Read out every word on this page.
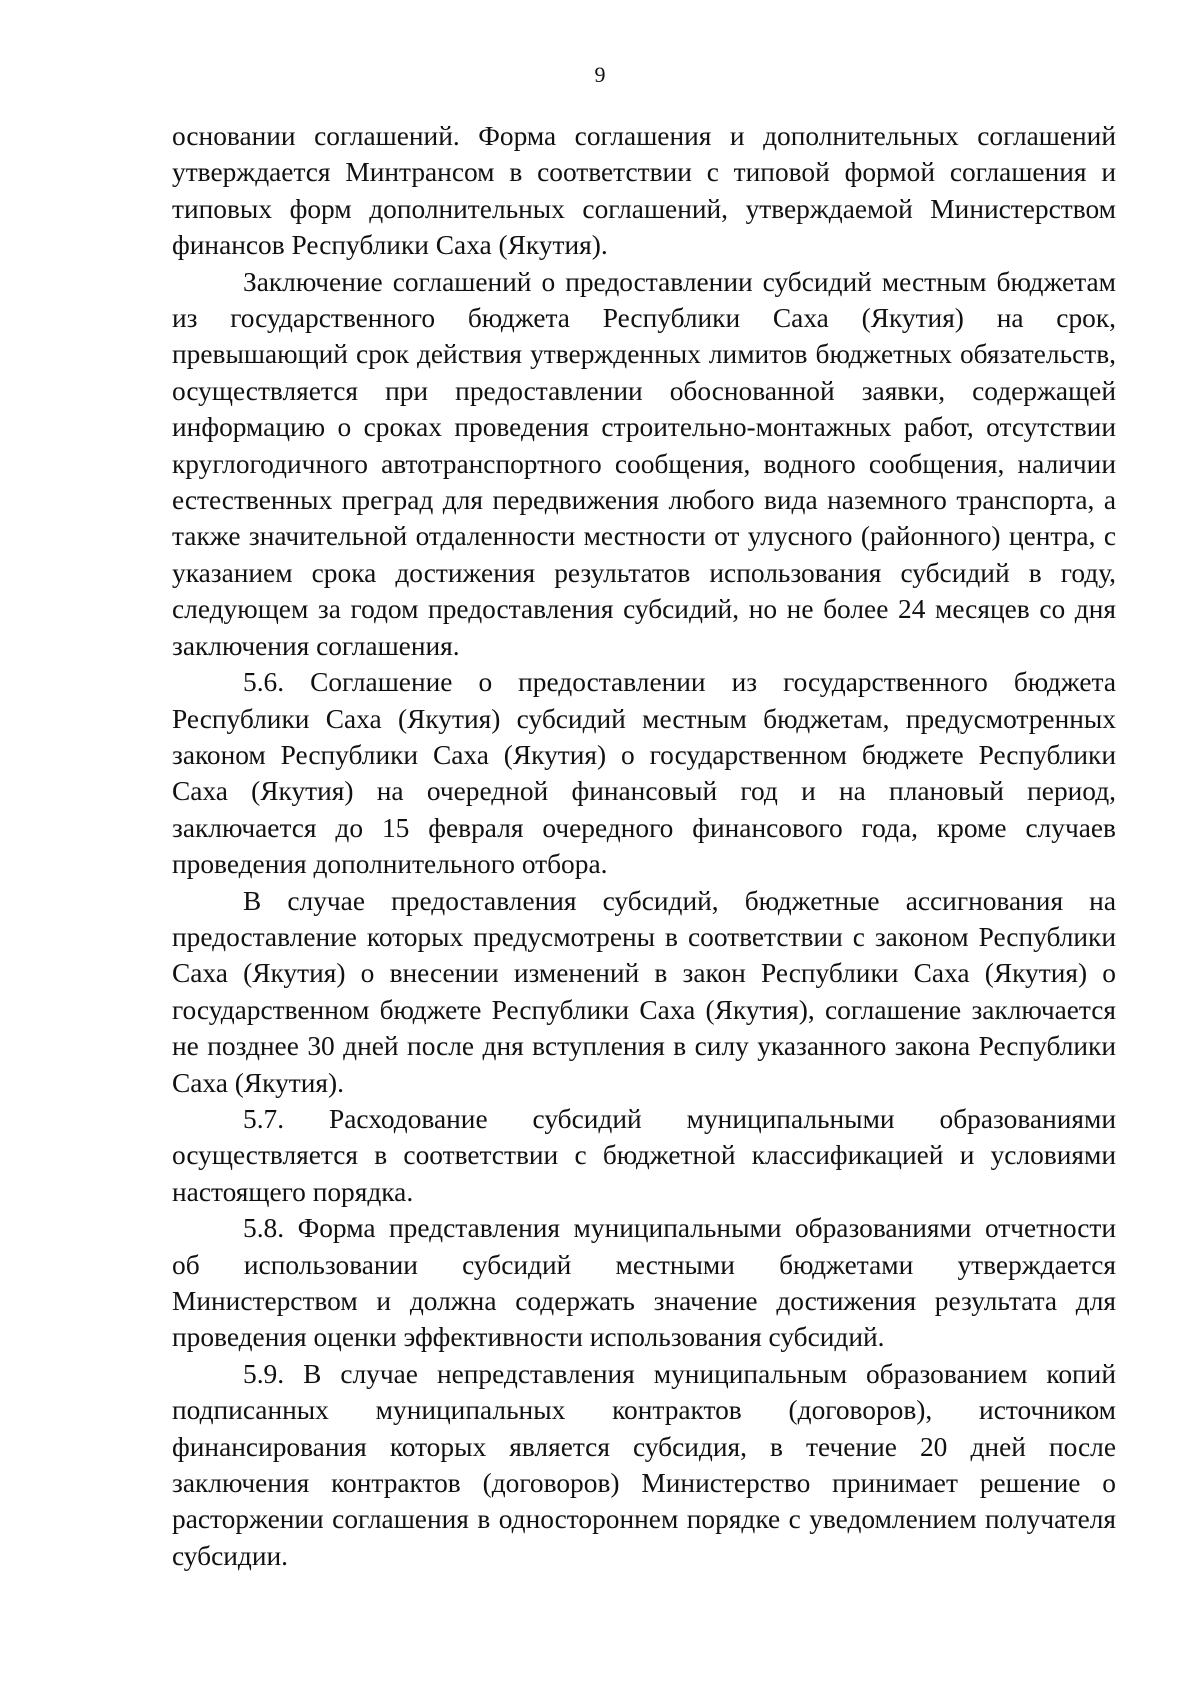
9

основании соглашений. Форма соглашения и дополнительных соглашений утверждается Минтрансом в соответствии с типовой формой соглашения и типовых форм дополнительных соглашений, утверждаемой Министерством финансов Республики Саха (Якутия).

Заключение соглашений о предоставлении субсидий местным бюджетам из государственного бюджета Республики Саха (Якутия) на срок, превышающий срок действия утвержденных лимитов бюджетных обязательств, осуществляется при предоставлении обоснованной заявки, содержащей информацию о сроках проведения строительно-монтажных работ, отсутствии круглогодичного автотранспортного сообщения, водного сообщения, наличии естественных преград для передвижения любого вида наземного транспорта, а также значительной отдаленности местности от улусного (районного) центра, с указанием срока достижения результатов использования субсидий в году, следующем за годом предоставления субсидий, но не более 24 месяцев со дня заключения соглашения.

5.6. Соглашение о предоставлении из государственного бюджета Республики Саха (Якутия) субсидий местным бюджетам, предусмотренных законом Республики Саха (Якутия) о государственном бюджете Республики Саха (Якутия) на очередной финансовый год и на плановый период, заключается до 15 февраля очередного финансового года, кроме случаев проведения дополнительного отбора.

В случае предоставления субсидий, бюджетные ассигнования на предоставление которых предусмотрены в соответствии с законом Республики Саха (Якутия) о внесении изменений в закон Республики Саха (Якутия) о государственном бюджете Республики Саха (Якутия), соглашение заключается не позднее 30 дней после дня вступления в силу указанного закона Республики Саха (Якутия).

5.7. Расходование субсидий муниципальными образованиями осуществляется в соответствии с бюджетной классификацией и условиями настоящего порядка.

5.8. Форма представления муниципальными образованиями отчетности об использовании субсидий местными бюджетами утверждается Министерством и должна содержать значение достижения результата для проведения оценки эффективности использования субсидий.

5.9. В случае непредставления муниципальным образованием копий подписанных муниципальных контрактов (договоров), источником финансирования которых является субсидия, в течение 20 дней после заключения контрактов (договоров) Министерство принимает решение о расторжении соглашения в одностороннем порядке с уведомлением получателя субсидии.
